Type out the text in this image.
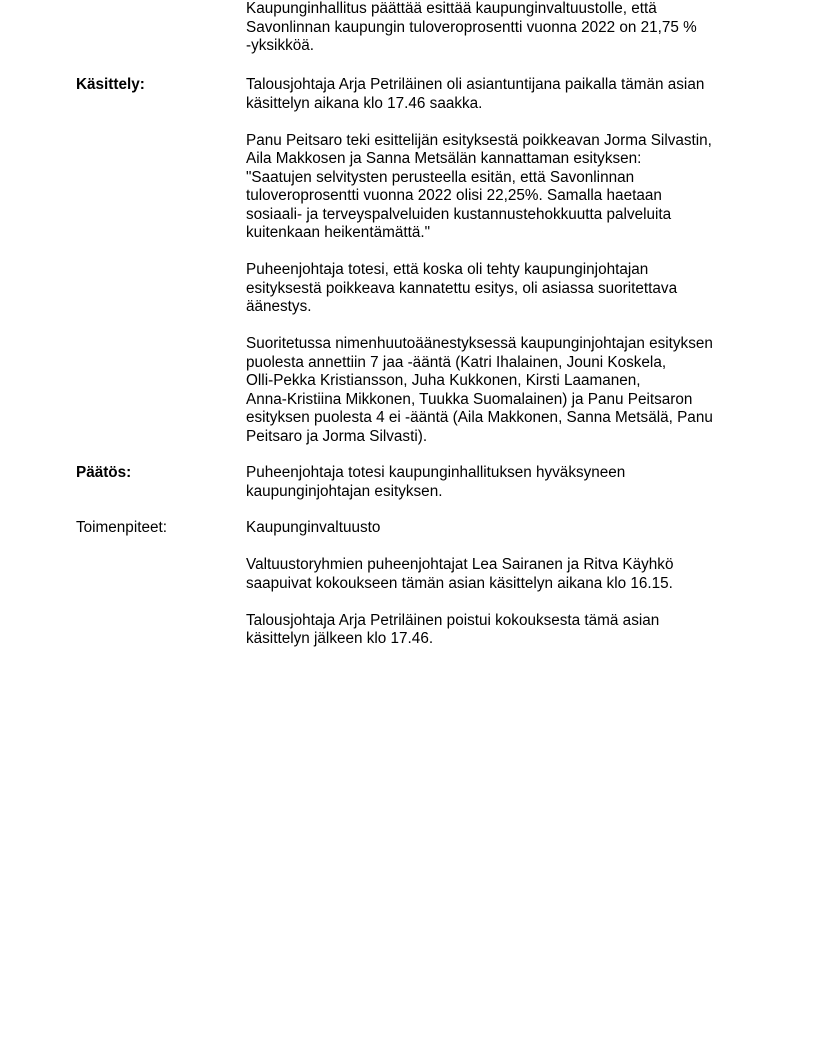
Kaupunginhallitus päättää esittää kaupunginvaltuustolle, että
Savonlinnan kaupungin tuloveroprosentti vuonna 2022 on 21,75 %
-yksikköä.

Käsittely:	Talousjohtaja Arja Petriläinen oli asiantuntijana paikalla tämän asian
käsittelyn aikana klo 17.46 saakka.

Panu Peitsaro teki esittelijän esityksestä poikkeavan Jorma Silvastin,
Aila Makkosen ja Sanna Metsälän kannattaman esityksen:
"Saatujen selvitysten perusteella esitän, että Savonlinnan
tuloveroprosentti vuonna 2022 olisi 22,25%. Samalla haetaan
sosiaali- ja terveyspalveluiden kustannustehokkuutta palveluita
kuitenkaan heikentämättä."

Puheenjohtaja totesi, että koska oli tehty kaupunginjohtajan
esityksestä poikkeava kannatettu esitys, oli asiassa suoritettava
äänestys.

Suoritetussa nimenhuutoäänestyksessä kaupunginjohtajan esityksen
puolesta annettiin 7 jaa -ääntä (Katri Ihalainen, Jouni Koskela,
Olli-Pekka Kristiansson, Juha Kukkonen, Kirsti Laamanen,
Anna-Kristiina Mikkonen, Tuukka Suomalainen) ja Panu Peitsaron
esityksen puolesta 4 ei -ääntä (Aila Makkonen, Sanna Metsälä, Panu
Peitsaro ja Jorma Silvasti).

Päätös:	Puheenjohtaja totesi kaupunginhallituksen hyväksyneen
kaupunginjohtajan esityksen.

Toimenpiteet:	Kaupunginvaltuusto

Valtuustoryhmien puheenjohtajat Lea Sairanen ja Ritva Käyhkö
saapuivat kokoukseen tämän asian käsittelyn aikana klo 16.15.

Talousjohtaja Arja Petriläinen poistui kokouksesta tämä asian
käsittelyn jälkeen klo 17.46.
